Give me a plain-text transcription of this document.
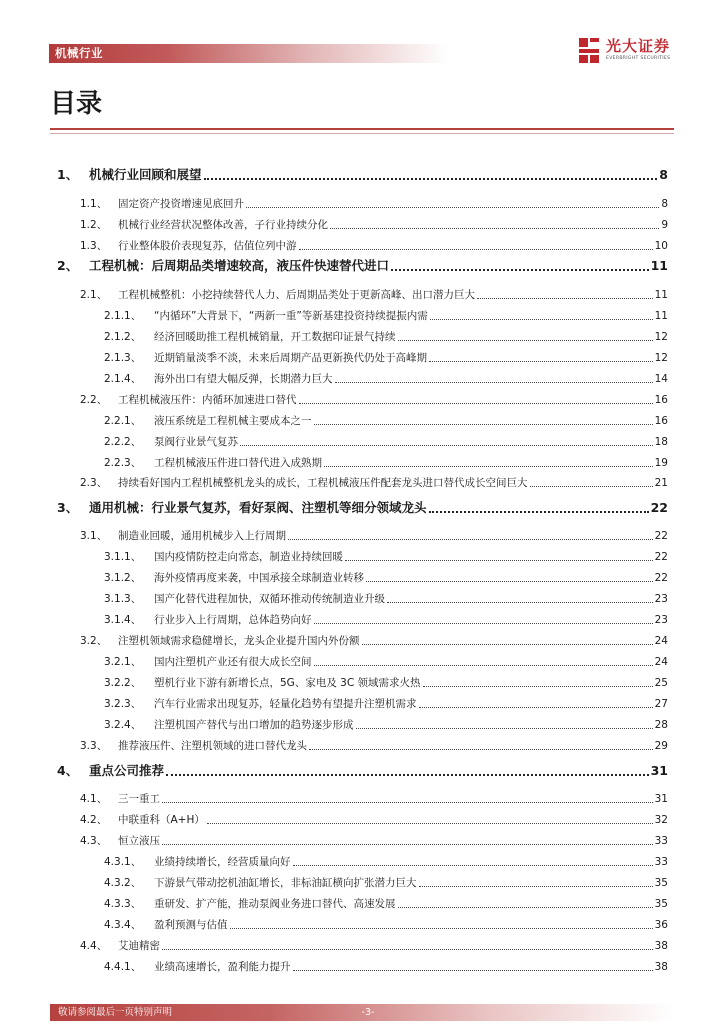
机械行业	光大证券
EVERBRIGHT SECURITIES
目录
1、 机械行业回顾和展望	8
1.1、	固定资产投资增速见底回升	8
1.2、	机械行业经营状况整体改善，子行业持续分化	9
1.3、	行业整体股价表现复苏，估值位列中游	10
2、 工程机械：后周期品类增速较高，液压件快速替代进口	11
2.1、	工程机械整机：小挖持续替代人力、后周期品类处于更新高峰、出口潜力巨大	11
2.1.1、	“内循环”大背景下，“两新一重”等新基建投资持续提振内需	11
2.1.2、	经济回暖助推工程机械销量，开工数据印证景气持续	12
2.1.3、	近期销量淡季不淡，未来后周期产品更新换代仍处于高峰期	12
2.1.4、	海外出口有望大幅反弹，长期潜力巨大	14
2.2、	工程机械液压件：内循环加速进口替代	16
2.2.1、	液压系统是工程机械主要成本之一	16
2.2.2、	泵阀行业景气复苏	18
2.2.3、	工程机械液压件进口替代进入成熟期	19
2.3、	持续看好国内工程机械整机龙头的成长，工程机械液压件配套龙头进口替代成长空间巨大	21
3、 通用机械：行业景气复苏，看好泵阀、注塑机等细分领域龙头	22
3.1、	制造业回暖，通用机械步入上行周期	22
3.1.1、	国内疫情防控走向常态，制造业持续回暖	22
3.1.2、	海外疫情再度来袭，中国承接全球制造业转移	22
3.1.3、	国产化替代进程加快，双循环推动传统制造业升级	23
3.1.4、	行业步入上行周期，总体趋势向好	23
3.2、	注塑机领域需求稳健增长，龙头企业提升国内外份额	24
3.2.1、	国内注塑机产业还有很大成长空间	24
3.2.2、	塑机行业下游有新增长点，5G、家电及 3C 领域需求火热	25
3.2.3、	汽车行业需求出现复苏，轻量化趋势有望提升注塑机需求	27
3.2.4、	注塑机国产替代与出口增加的趋势逐步形成	28
3.3、	推荐液压件、注塑机领域的进口替代龙头	29
4、 重点公司推荐	31
4.1、	三一重工	31
4.2、	中联重科（A+H）	32
4.3、	恒立液压	33
4.3.1、	业绩持续增长，经营质量向好	33
4.3.2、	下游景气带动挖机油缸增长，非标油缸横向扩张潜力巨大	35
4.3.3、	重研发、扩产能，推动泵阀业务进口替代、高速发展	35
4.3.4、	盈利预测与估值	36
4.4、	艾迪精密	38
4.4.1、	业绩高速增长，盈利能力提升	38
敬请参阅最后一页特别声明	-3-
